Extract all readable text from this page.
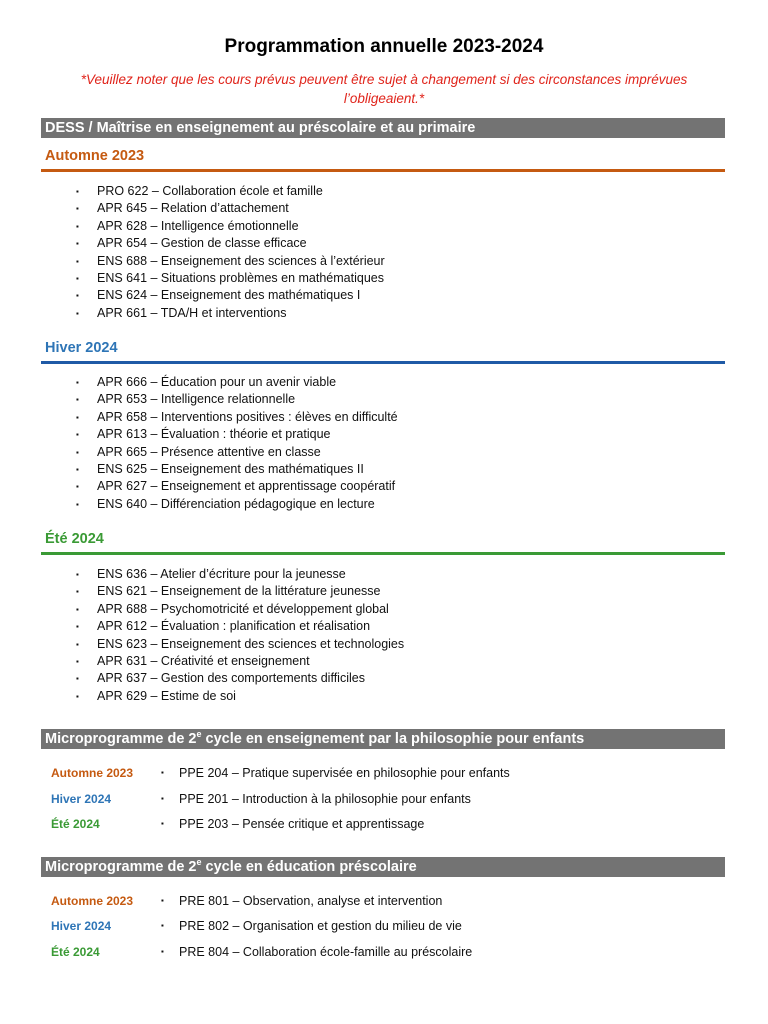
Programmation annuelle 2023-2024
*Veuillez noter que les cours prévus peuvent être sujet à changement si des circonstances imprévues l’obligeaient.*
DESS / Maîtrise en enseignement au préscolaire et au primaire
Automne 2023
▪ PRO 622 – Collaboration école et famille
▪ APR 645 – Relation d’attachement
▪ APR 628 – Intelligence émotionnelle
▪ APR 654 – Gestion de classe efficace
▪ ENS 688 – Enseignement des sciences à l’extérieur
▪ ENS 641 – Situations problèmes en mathématiques
▪ ENS 624 – Enseignement des mathématiques I
▪ APR 661 – TDA/H et interventions
Hiver 2024
▪ APR 666 – Éducation pour un avenir viable
▪ APR 653 – Intelligence relationnelle
▪ APR 658 – Interventions positives : élèves en difficulté
▪ APR 613 – Évaluation : théorie et pratique
▪ APR 665 – Présence attentive en classe
▪ ENS 625 – Enseignement des mathématiques II
▪ APR 627 – Enseignement et apprentissage coopératif
▪ ENS 640 – Différenciation pédagogique en lecture
Été 2024
▪ ENS 636 – Atelier d’écriture pour la jeunesse
▪ ENS 621 – Enseignement de la littérature jeunesse
▪ APR 688 – Psychomotricité et développement global
▪ APR 612 – Évaluation : planification et réalisation
▪ ENS 623 – Enseignement des sciences et technologies
▪ APR 631 – Créativité et enseignement
▪ APR 637 – Gestion des comportements difficiles
▪ APR 629 – Estime de soi
Microprogramme de 2e cycle en enseignement par la philosophie pour enfants
Automne 2023	▪ PPE 204 – Pratique supervisée en philosophie pour enfants
Hiver 2024	▪ PPE 201 – Introduction à la philosophie pour enfants
Été 2024	▪ PPE 203 – Pensée critique et apprentissage
Microprogramme de 2e cycle en éducation préscolaire
Automne 2023	▪ PRE 801 – Observation, analyse et intervention
Hiver 2024	▪ PRE 802 – Organisation et gestion du milieu de vie
Été 2024	▪ PRE 804 – Collaboration école-famille au préscolaire
